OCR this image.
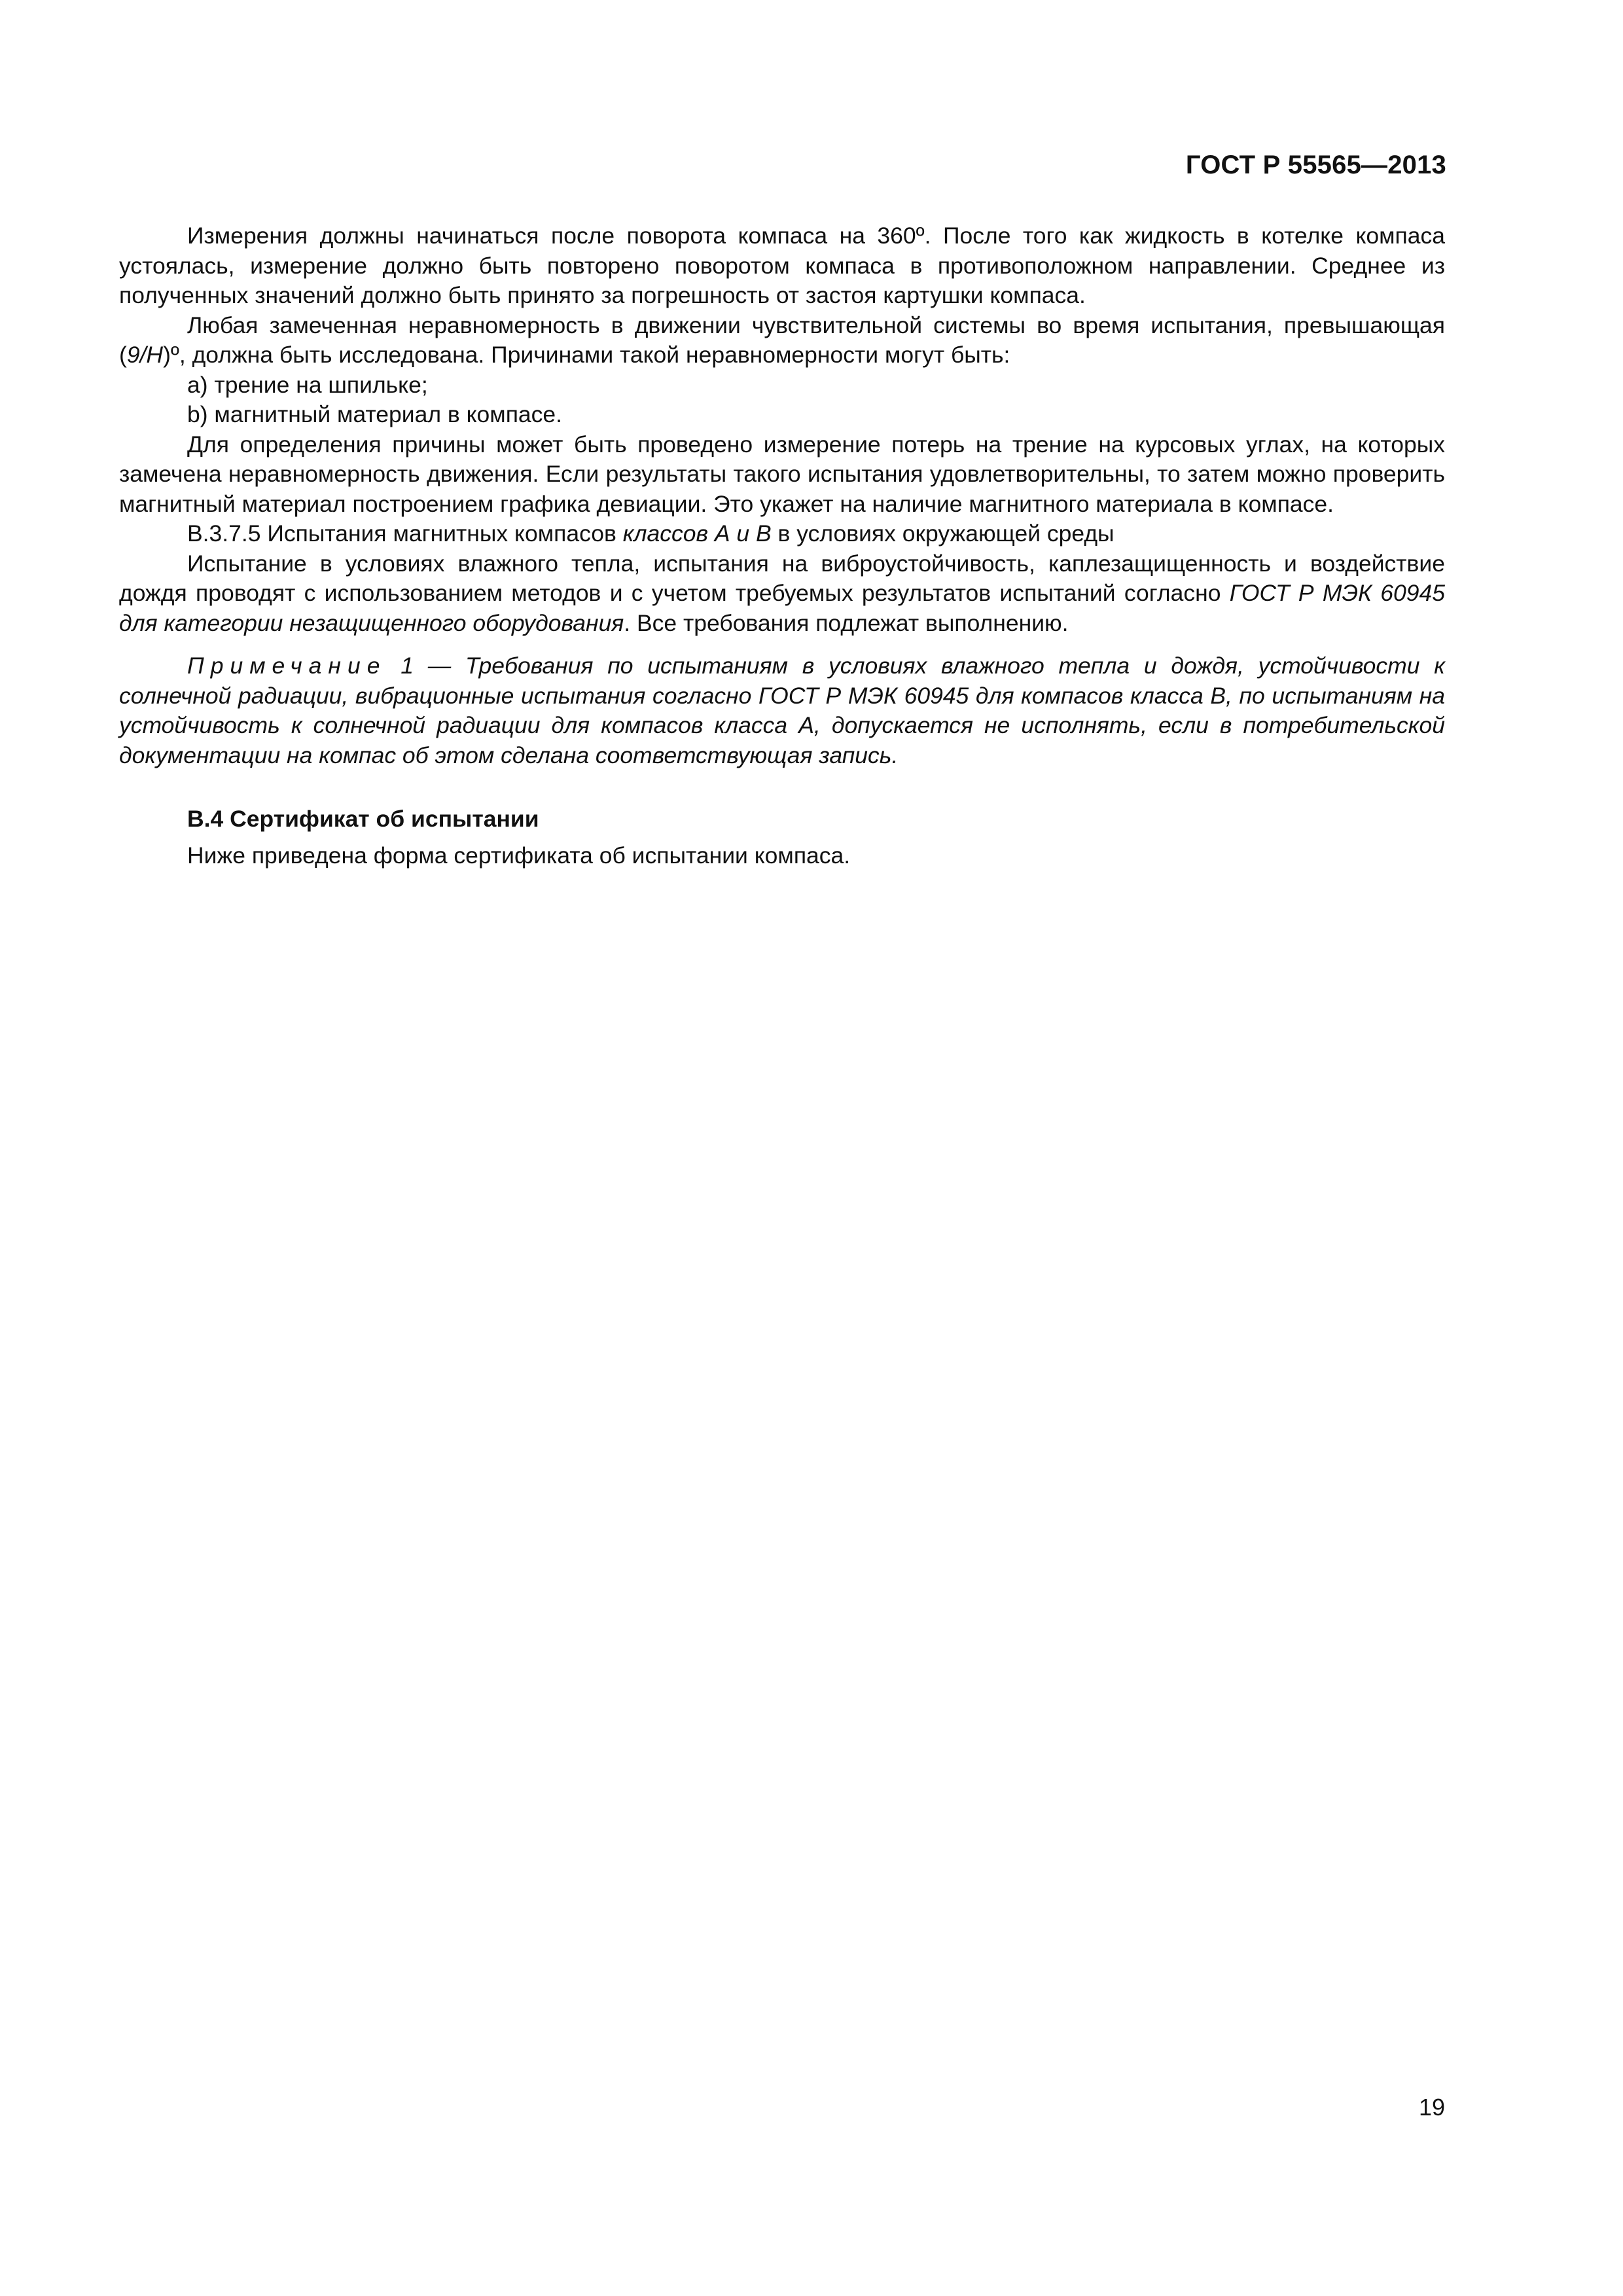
ГОСТ Р 55565—2013

Измерения должны начинаться после поворота компаса на 360º. После того как жидкость в котелке компаса устоялась, измерение должно быть повторено поворотом компаса в противоположном направлении. Среднее из полученных значений должно быть принято за погрешность от застоя картушки компаса.

Любая замеченная неравномерность в движении чувствительной системы во время испытания, превышающая (9/H)º, должна быть исследована. Причинами такой неравномерности могут быть:

a) трение на шпильке;

b) магнитный материал в компасе.

Для определения причины может быть проведено измерение потерь на трение на курсовых углах, на которых замечена неравномерность движения. Если результаты такого испытания удовлетворительны, то затем можно проверить магнитный материал построением графика девиации. Это укажет на наличие магнитного материала в компасе.

В.3.7.5 Испытания магнитных компасов классов А и В в условиях окружающей среды

Испытание в условиях влажного тепла, испытания на виброустойчивость, каплезащищенность и воздействие дождя проводят с использованием методов и с учетом требуемых результатов испытаний согласно ГОСТ Р МЭК 60945 для категории незащищенного оборудования. Все требования подлежат выполнению.

Примечание 1 — Требования по испытаниям в условиях влажного тепла и дождя, устойчивости к солнечной радиации, вибрационные испытания согласно ГОСТ Р МЭК 60945 для компасов класса В, по испытаниям на устойчивость к солнечной радиации для компасов класса А, допускается не исполнять, если в потребительской документации на компас об этом сделана соответствующая запись.

В.4 Сертификат об испытании

Ниже приведена форма сертификата об испытании компаса.

19
